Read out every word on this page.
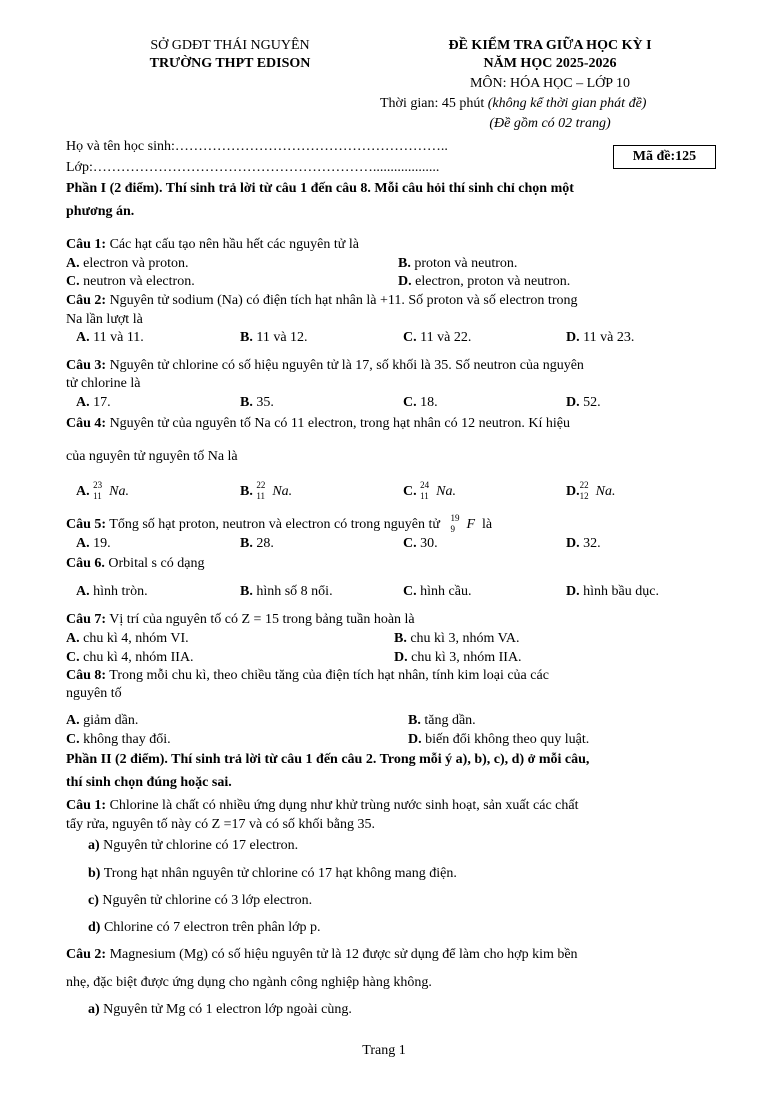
SỞ GDĐT THÁI NGUYÊN
TRƯỜNG THPT EDISON
ĐỀ KIỂM TRA GIỮA HỌC KỲ I
NĂM HỌC 2025-2026
MÔN: HÓA HỌC – LỚP 10
Thời gian: 45 phút (không kể thời gian phát đề)
(Đề gồm có 02 trang)
Họ và tên học sinh:…………………………………………………..
Lớp:……………………………………………………...................
Mã đề:125
Phần I (2 điểm). Thí sinh trả lời từ câu 1 đến câu 8. Mỗi câu hỏi thí sinh chỉ chọn một
phương án.
Câu 1: Các hạt cấu tạo nên hầu hết các nguyên tử là
A. electron và proton.	B. proton và neutron.
C. neutron và electron.	D. electron, proton và neutron.
Câu 2: Nguyên tử sodium (Na) có điện tích hạt nhân là +11. Số proton và số electron trong
Na lần lượt là
A. 11 và 11.	B. 11 và 12.	C. 11 và 22.	D. 11 và 23.
Câu 3: Nguyên tử chlorine có số hiệu nguyên tử là 17, số khối là 35. Số neutron của nguyên
tử chlorine là
A. 17.	B. 35.	C. 18.	D. 52.
Câu 4: Nguyên tử của nguyên tố Na có 11 electron, trong hạt nhân có 12 neutron. Kí hiệu
của nguyên tử nguyên tố Na là
A. 23
11 Na.	B. 22
11 Na.	C. 24
11 Na.	D. 22
12 Na.
Câu 5: Tổng số hạt proton, neutron và electron có trong nguyên tử 19
9 F là
A. 19.	B. 28.	C. 30.	D. 32.
Câu 6. Orbital s có dạng
A. hình tròn.	B. hình số 8 nổi.	C. hình cầu.	D. hình bầu dục.
Câu 7: Vị trí của nguyên tố có Z = 15 trong bảng tuần hoàn là
A. chu kì 4, nhóm VI.	B. chu kì 3, nhóm VA.
C. chu kì 4, nhóm IIA.	D. chu kì 3, nhóm IIA.
Câu 8: Trong mỗi chu kì, theo chiều tăng của điện tích hạt nhân, tính kim loại của các
nguyên tố
A. giảm dần.	B. tăng dần.
C. không thay đổi.	D. biến đổi không theo quy luật.
Phần II (2 điểm). Thí sinh trả lời từ câu 1 đến câu 2. Trong mỗi ý a), b), c), d) ở mỗi câu,
thí sinh chọn đúng hoặc sai.
Câu 1: Chlorine là chất có nhiều ứng dụng như khử trùng nước sinh hoạt, sản xuất các chất
tẩy rửa, nguyên tố này có Z =17 và có số khối bằng 35.
a) Nguyên tử chlorine có 17 electron.
b) Trong hạt nhân nguyên tử chlorine có 17 hạt không mang điện.
c) Nguyên tử chlorine có 3 lớp electron.
d) Chlorine có 7 electron trên phân lớp p.
Câu 2: Magnesium (Mg) có số hiệu nguyên tử là 12 được sử dụng để làm cho hợp kim bền
nhẹ, đặc biệt được ứng dụng cho ngành công nghiệp hàng không.
a) Nguyên tử Mg có 1 electron lớp ngoài cùng.
Trang 1
